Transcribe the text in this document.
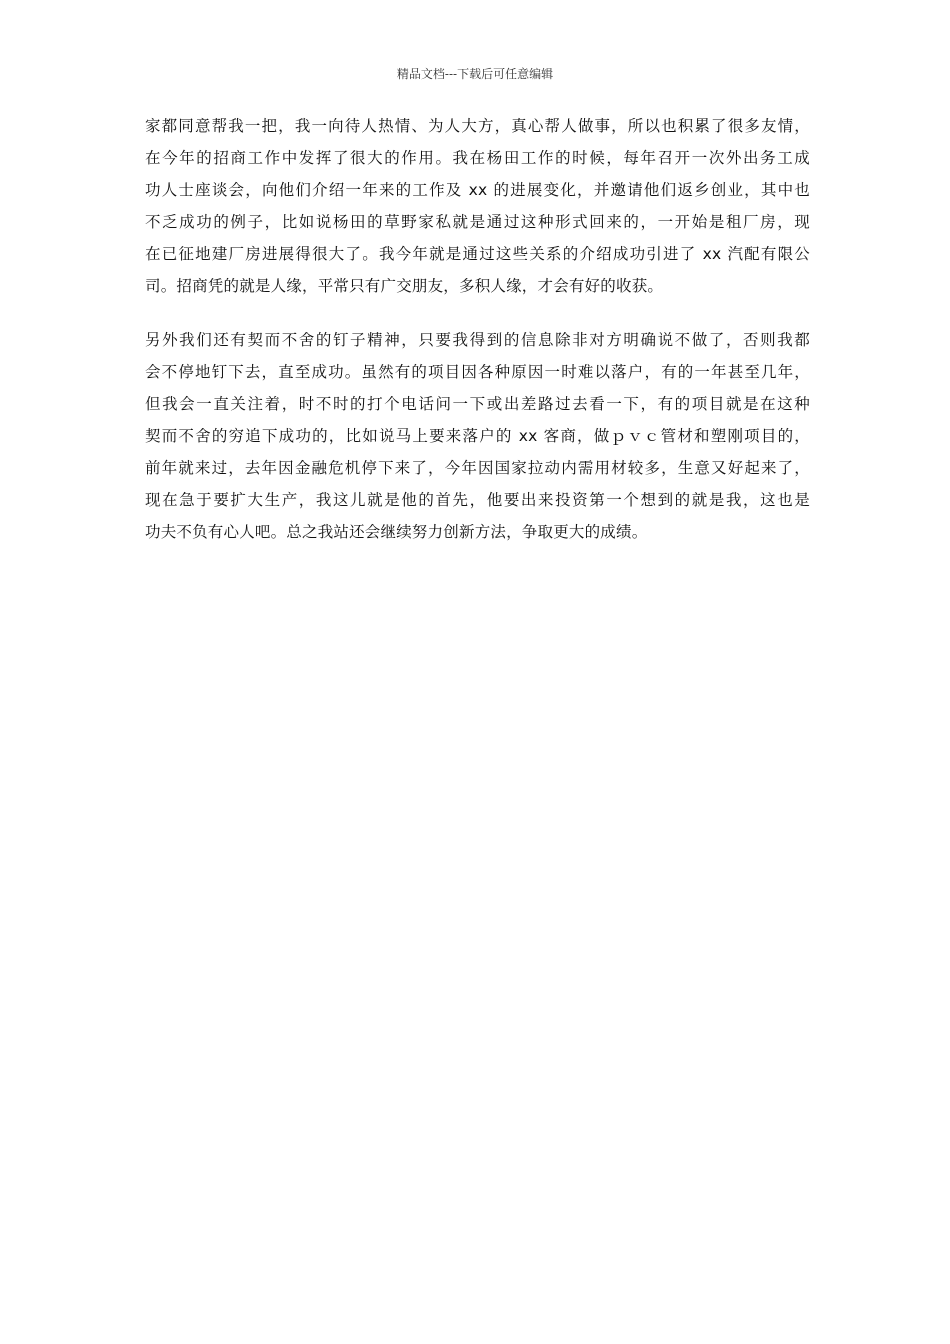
精品文档---下载后可任意编辑
家都同意帮我一把，我一向待人热情、为人大方，真心帮人做事，所以也积累了很多友情，
在今年的招商工作中发挥了很大的作用。我在杨田工作的时候，每年召开一次外出务工成
功人士座谈会，向他们介绍一年来的工作及 xx 的进展变化，并邀请他们返乡创业，其中也
不乏成功的例子，比如说杨田的草野家私就是通过这种形式回来的，一开始是租厂房，现
在已征地建厂房进展得很大了。我今年就是通过这些关系的介绍成功引进了 xx 汽配有限公
司。招商凭的就是人缘，平常只有广交朋友，多积人缘，才会有好的收获。
另外我们还有契而不舍的钉子精神，只要我得到的信息除非对方明确说不做了，否则我都
会不停地钉下去，直至成功。虽然有的项目因各种原因一时难以落户，有的一年甚至几年，
但我会一直关注着，时不时的打个电话问一下或出差路过去看一下，有的项目就是在这种
契而不舍的穷追下成功的，比如说马上要来落户的 xx 客商，做ｐｖｃ管材和塑刚项目的，
前年就来过，去年因金融危机停下来了，今年因国家拉动内需用材较多，生意又好起来了，
现在急于要扩大生产，我这儿就是他的首先，他要出来投资第一个想到的就是我，这也是
功夫不负有心人吧。总之我站还会继续努力创新方法，争取更大的成绩。
